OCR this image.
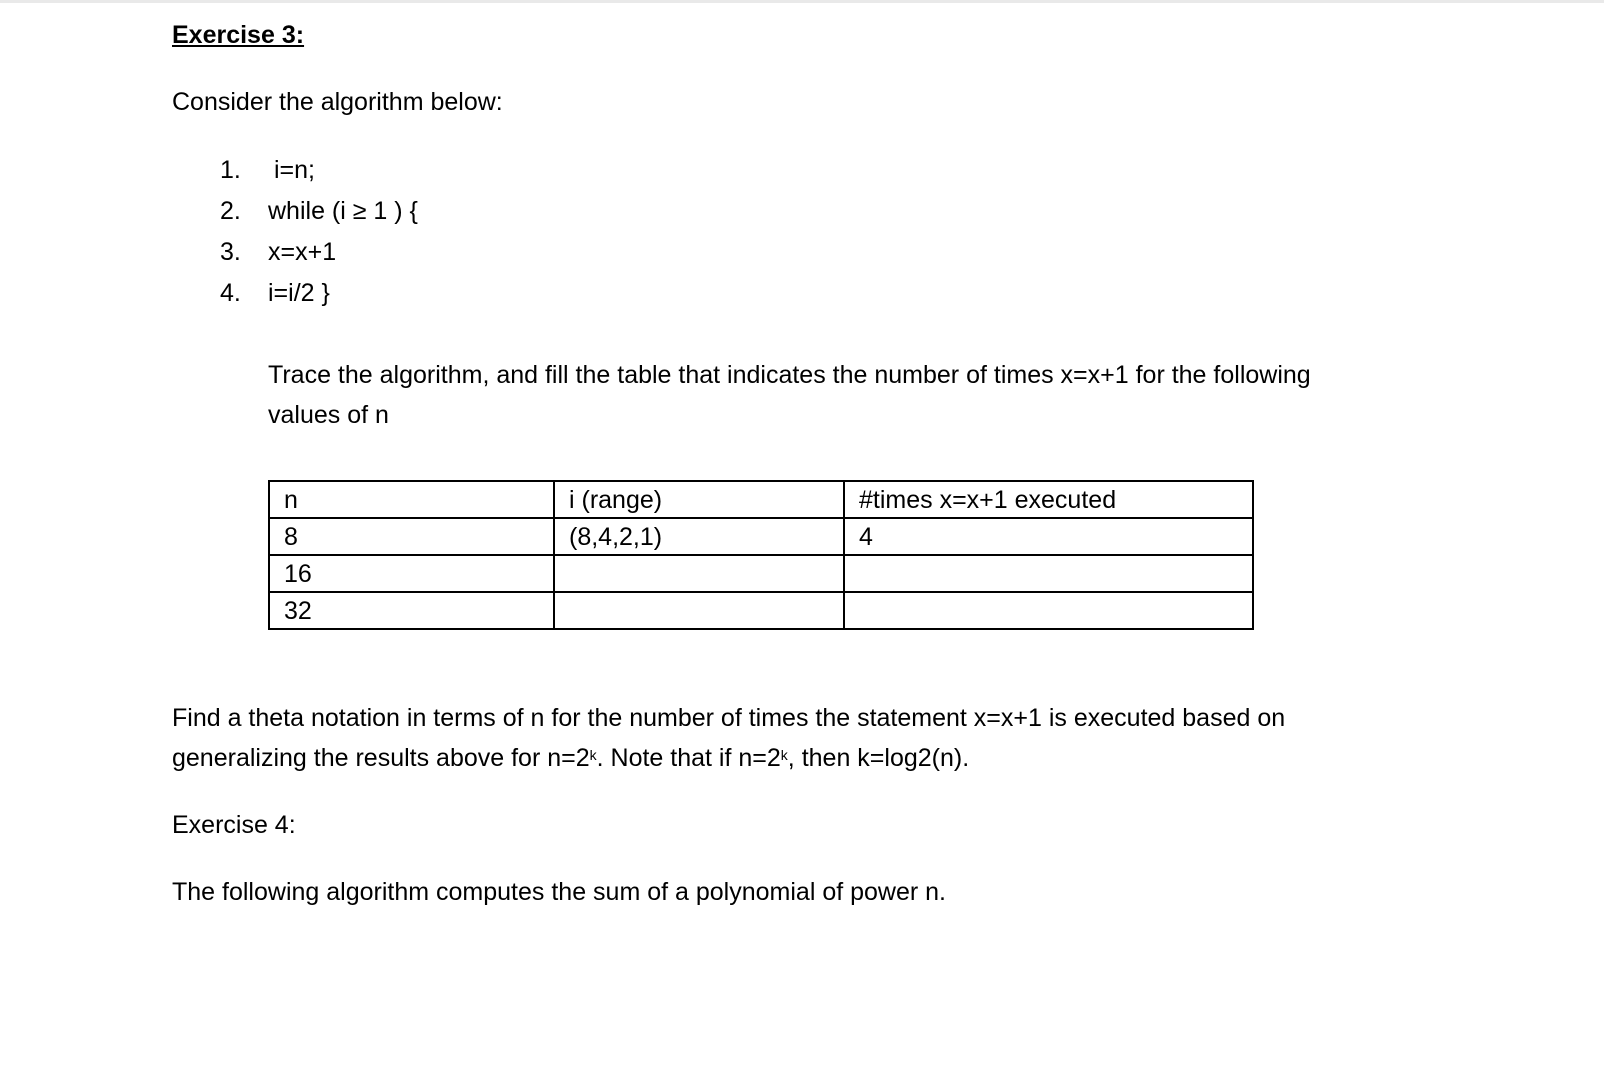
Exercise 3:
Consider the algorithm below:
1. i=n;
2. while (i ≥ 1 ) {
3. x=x+1
4. i=i/2 }
Trace the algorithm, and fill the table that indicates the number of times x=x+1 for the following
values of n
n	i (range)	#times x=x+1 executed
8	(8,4,2,1)	4
16		
32		
Find a theta notation in terms of n for the number of times the statement x=x+1 is executed based on
generalizing the results above for $n=2^k$. Note that if $n=2^k$, then k=log2(n).
Exercise 4:
The following algorithm computes the sum of a polynomial of power n.
